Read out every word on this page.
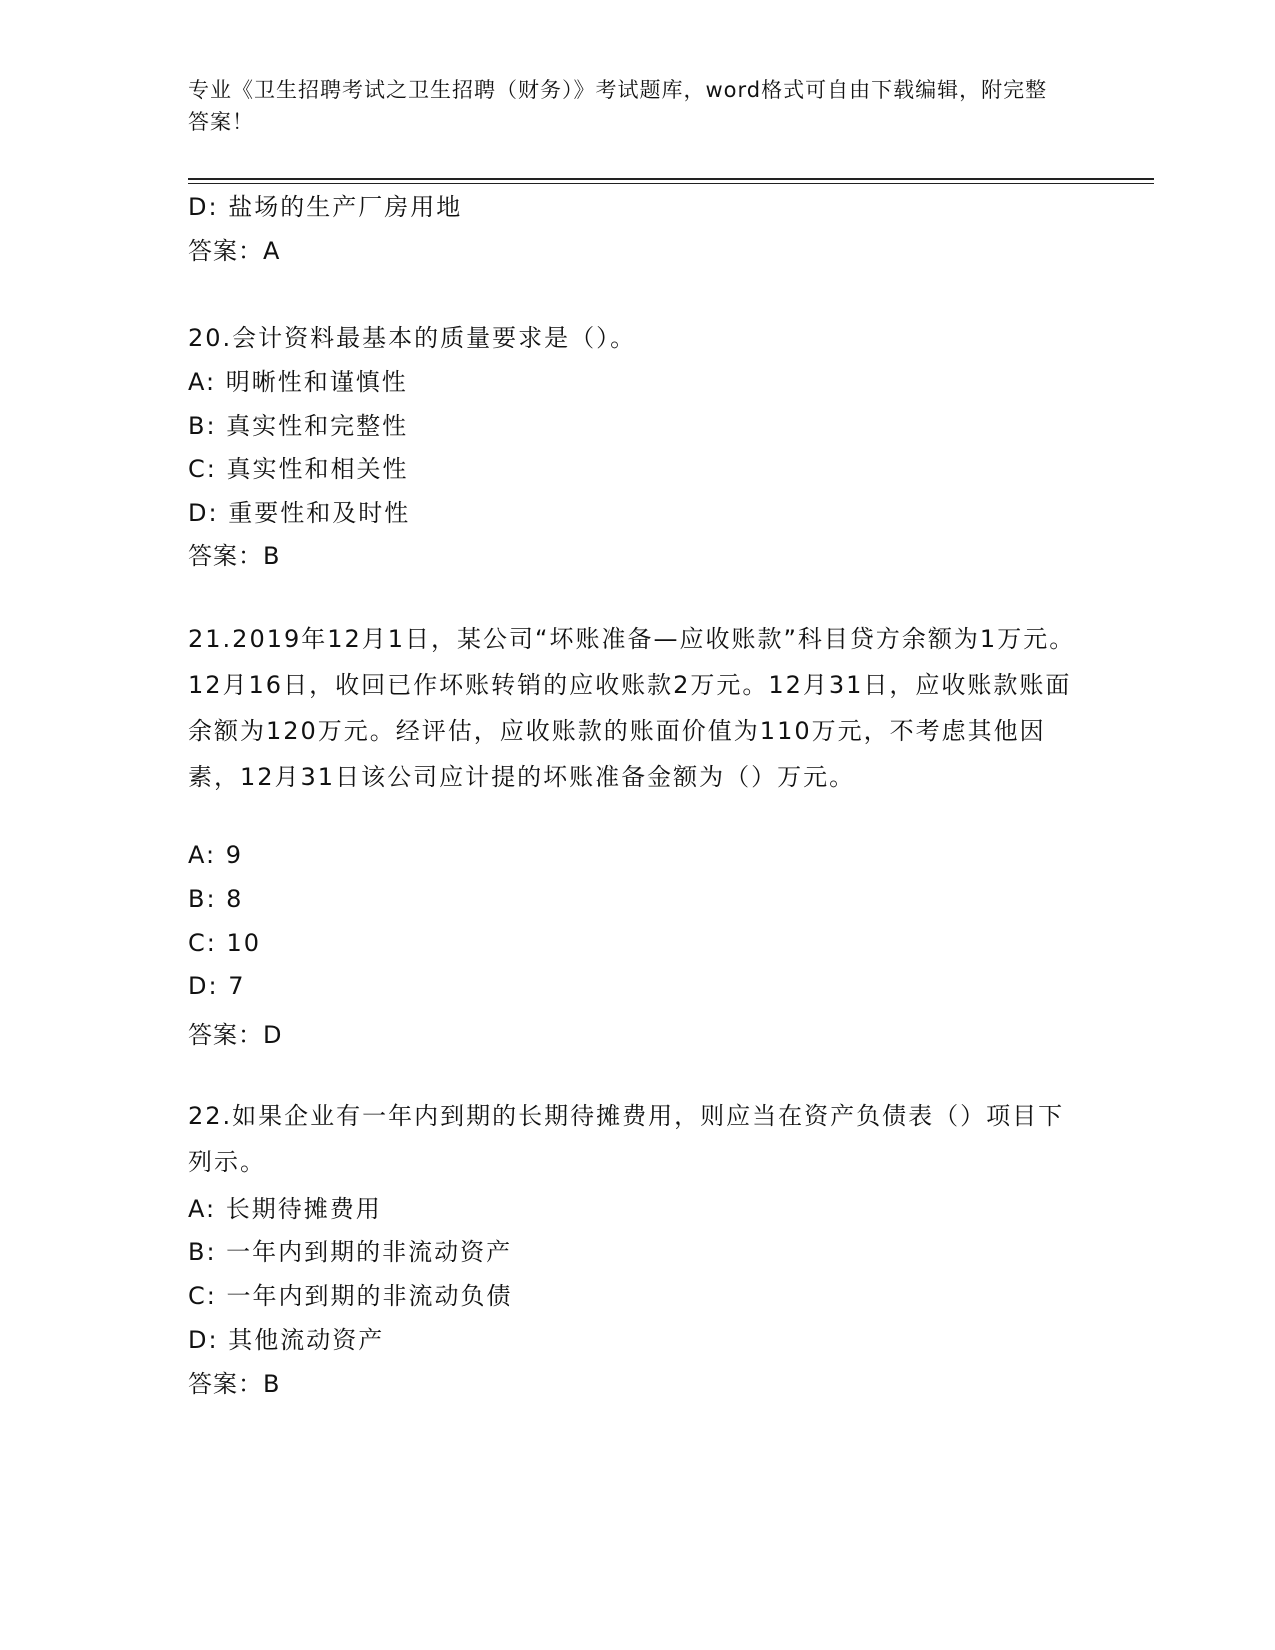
专业《卫生招聘考试之卫生招聘（财务）》考试题库，word格式可自由下载编辑，附完整答案！
D: 盐场的生产厂房用地
答案：A
20.会计资料最基本的质量要求是（）。
A: 明晰性和谨慎性
B: 真实性和完整性
C: 真实性和相关性
D: 重要性和及时性
答案：B
21.2019年12月1日，某公司“坏账准备—应收账款”科目贷方余额为1万元。12月16日，收回已作坏账转销的应收账款2万元。12月31日，应收账款账面余额为120万元。经评估，应收账款的账面价值为110万元，不考虑其他因素，12月31日该公司应计提的坏账准备金额为（）万元。
A: 9
B: 8
C: 10
D: 7
答案：D
22.如果企业有一年内到期的长期待摊费用，则应当在资产负债表（）项目下列示。
A: 长期待摊费用
B: 一年内到期的非流动资产
C: 一年内到期的非流动负债
D: 其他流动资产
答案：B
